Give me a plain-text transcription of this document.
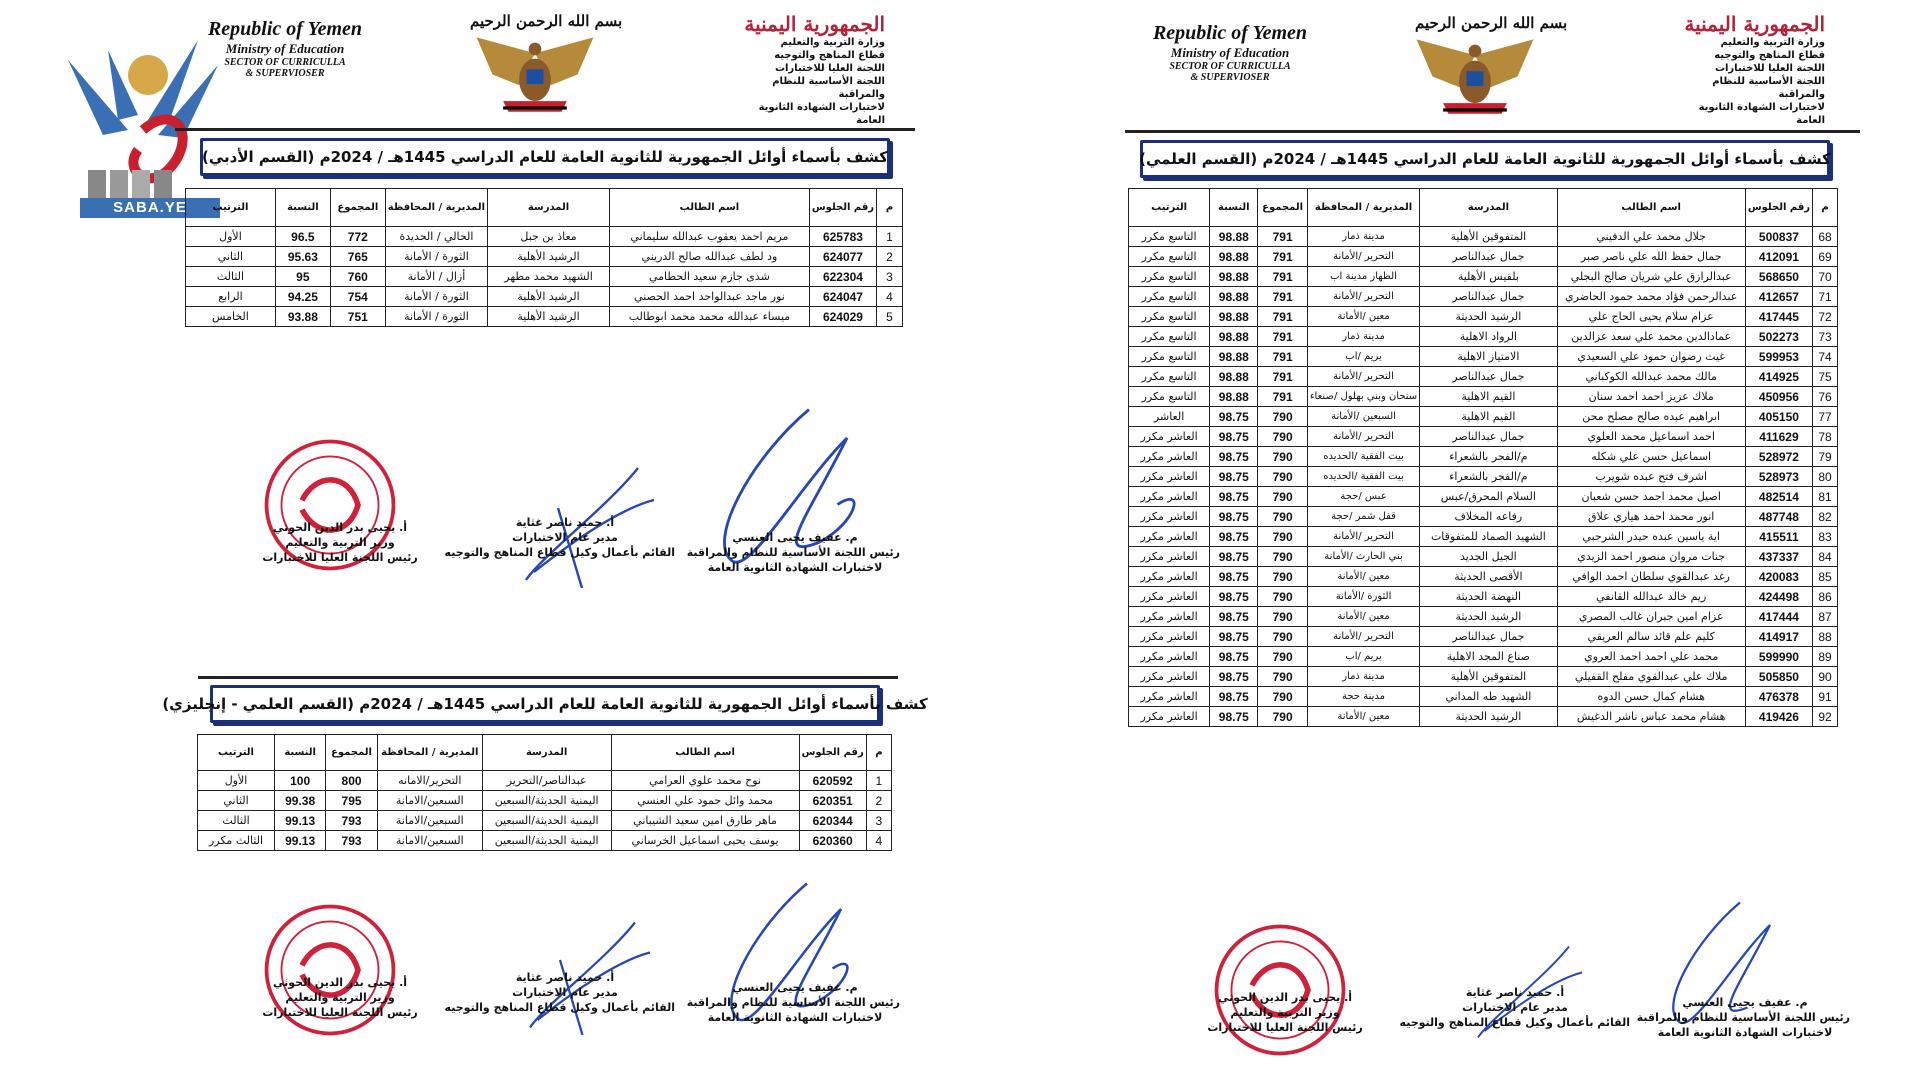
SABA.YE
Republic of Yemen
Ministry of Education
SECTOR OF CURRICULLA
& SUPERVIOSER
بسم الله الرحمن الرحيم	الجمهورية اليمنية
وزارة التربية والتعليم
قطاع المناهج والتوجيه
اللجنة العليا للاختبارات
اللجنة الأساسية للنظام والمراقبة
لاختبارات الشهادة الثانوية العامة
كشف بأسماء أوائل الجمهورية للثانوية العامة للعام الدراسي 1445هـ / 2024م (القسم الأدبي)
م	رقم الجلوس	اسم الطالب	المدرسة	المديرية / المحافظة	المجموع	النسبة	الترتيب
1	625783	مريم احمد يعقوب عبدالله سليماني	معاذ بن جبل	الحالي / الحديدة	772	96.5	الأول
2	624077	ود لطف عبدالله صالح الدريني	الرشيد الأهلية	الثورة / الأمانة	765	95.63	الثاني
3	622304	شذى جازم سعيد الحطامي	الشهيد محمد مطهر	أزال / الأمانة	760	95	الثالث
4	624047	نور ماجد عبدالواحد احمد الحصني	الرشيد الأهلية	الثورة / الأمانة	754	94.25	الرابع
5	624029	ميساء عبدالله محمد محمد ابوطالب	الرشيد الأهلية	الثورة / الأمانة	751	93.88	الخامس
م. عفيف يحيى العنسي
رئيس اللجنة الأساسية للنظام والمراقبة
لاختبارات الشهادة الثانوية العامة
أ. حميد ناصر غثاية
مدير عام الاختبارات
القائم بأعمال وكيل قطاع المناهج والتوجيه
أ. يحيى بدر الدين الحوثي
وزير التربية والتعليم
رئيس اللجنة العليا للاختبارات
كشف بأسماء أوائل الجمهورية للثانوية العامة للعام الدراسي 1445هـ / 2024م (القسم العلمي - إنجليزي)
م	رقم الجلوس	اسم الطالب	المدرسة	المديرية / المحافظة	المجموع	النسبة	الترتيب
1	620592	نوح محمد علوي العرامي	عبدالناصر/التحرير	التحرير/الامانه	800	100	الأول
2	620351	محمد وائل حمود علي العنسي	اليمنية الحديثة/السبعين	السبعين/الامانة	795	99.38	الثاني
3	620344	ماهر طارق امين سعيد الشيباني	اليمنية الحديثة/السبعين	السبعين/الامانة	793	99.13	الثالث
4	620360	يوسف يحيى اسماعيل الخرساني	اليمنية الحديثة/السبعين	السبعين/الامانة	793	99.13	الثالث مكرر
م. عفيف يحيى العنسي
رئيس اللجنة الأساسية للنظام والمراقبة
لاختبارات الشهادة الثانوية العامة
أ. حميد ناصر غثاية
مدير عام الاختبارات
القائم بأعمال وكيل قطاع المناهج والتوجيه
أ. يحيى بدر الدين الحوثي
وزير التربية والتعليم
رئيس اللجنة العليا للاختبارات
Republic of Yemen
Ministry of Education
SECTOR OF CURRICULLA
& SUPERVIOSER
بسم الله الرحمن الرحيم	الجمهورية اليمنية
وزارة التربية والتعليم
قطاع المناهج والتوجيه
اللجنة العليا للاختبارات
اللجنة الأساسية للنظام والمراقبة
لاختبارات الشهادة الثانوية العامة
كشف بأسماء أوائل الجمهورية للثانوية العامة للعام الدراسي 1445هـ / 2024م (القسم العلمي)
م	رقم الجلوس	اسم الطالب	المدرسة	المديرية / المحافظة	المجموع	النسبة	الترتيب
68	500837	جلال محمد علي الدفيني	المتفوقين الأهلية	مدينة ذمار	791	98.88	التاسع مكرر
69	412091	جمال حفظ الله علي ناصر صبر	جمال عبدالناصر	التحرير /الأمانة	791	98.88	التاسع مكرر
70	568650	عبدالرازق علي شريان صالح البجلي	بلقيس الأهلية	الظهار مدينة اب	791	98.88	التاسع مكرر
71	412657	عبدالرحمن فؤاد محمد حمود الحاضري	جمال عبدالناصر	التحرير /الأمانة	791	98.88	التاسع مكرر
72	417445	عزام سلام يحيى الحاج علي	الرشيد الحديثة	معين /الأمانة	791	98.88	التاسع مكرر
73	502273	عمادالدين محمد علي سعد عزالدين	الرواد الاهلية	مدينة ذمار	791	98.88	التاسع مكرر
74	599953	غيث رضوان حمود علي السعيدي	الامتياز الاهلية	يريم /اب	791	98.88	التاسع مكرر
75	414925	مالك محمد عبدالله الكوكباني	جمال عبدالناصر	التحرير /الأمانة	791	98.88	التاسع مكرر
76	450956	ملاك عزيز احمد احمد سنان	القيم الاهلية	سنحان وبني بهلول /صنعاء	791	98.88	التاسع مكرر
77	405150	ابراهيم عبده صالح مصلح محن	القيم الاهلية	السبعين /الأمانة	790	98.75	العاشر
78	411629	احمد اسماعيل محمد العلوي	جمال عبدالناصر	التحرير /الأمانة	790	98.75	العاشر مكرر
79	528972	اسماعيل حسن علي شكله	م/الفجر بالشعراء	بيت الفقية /الحديده	790	98.75	العاشر مكرر
80	528973	اشرف فتح عبده شويرب	م/الفجر بالشعراء	بيت الفقية /الحديده	790	98.75	العاشر مكرر
81	482514	اصيل محمد احمد حسن شعبان	السلام المحرق/عبس	عبس /حجة	790	98.75	العاشر مكرر
82	487748	انور محمد احمد هياري علاق	رفاعه المخلاف	قفل شمر /حجة	790	98.75	العاشر مكرر
83	415511	اية ياسين عبده حيدر الشرجبي	الشهيد الصماد للمتفوقات	التحرير /الأمانة	790	98.75	العاشر مكرر
84	437337	جنات مروان منصور احمد الزيدي	الجيل الجديد	بني الحارث /الأمانة	790	98.75	العاشر مكرر
85	420083	رغد عبدالقوي سلطان احمد الوافي	الأقصى الحديثة	معين /الأمانة	790	98.75	العاشر مكرر
86	424498	ريم خالد عبدالله القانفي	النهضة الحديثة	الثورة /الأمانة	790	98.75	العاشر مكرر
87	417444	عزام امين جبران غالب المصري	الرشيد الحديثة	معين /الأمانة	790	98.75	العاشر مكرر
88	414917	كليم علم قائد سالم العريقي	جمال عبدالناصر	التحرير /الأمانة	790	98.75	العاشر مكرر
89	599990	محمد علي احمد احمد العروي	صناع المجد الاهلية	يريم /اب	790	98.75	العاشر مكرر
90	505850	ملاك علي عبدالقوي مفلح القفيلي	المتفوقين الأهلية	مدينة ذمار	790	98.75	العاشر مكرر
91	476378	هشام كمال حسن الدوه	الشهيد طه المداني	مدينة حجة	790	98.75	العاشر مكرر
92	419426	هشام محمد عباس ناشر الدغيش	الرشيد الحديثة	معين /الأمانة	790	98.75	العاشر مكرر
م. عفيف يحيى العنسي
رئيس اللجنة الأساسية للنظام والمراقبة
لاختبارات الشهادة الثانوية العامة
أ. حميد ناصر غثاية
مدير عام الاختبارات
القائم بأعمال وكيل قطاع المناهج والتوجيه
أ. يحيى بدر الدين الحوثي
وزير التربية والتعليم
رئيس اللجنة العليا للاختبارات
